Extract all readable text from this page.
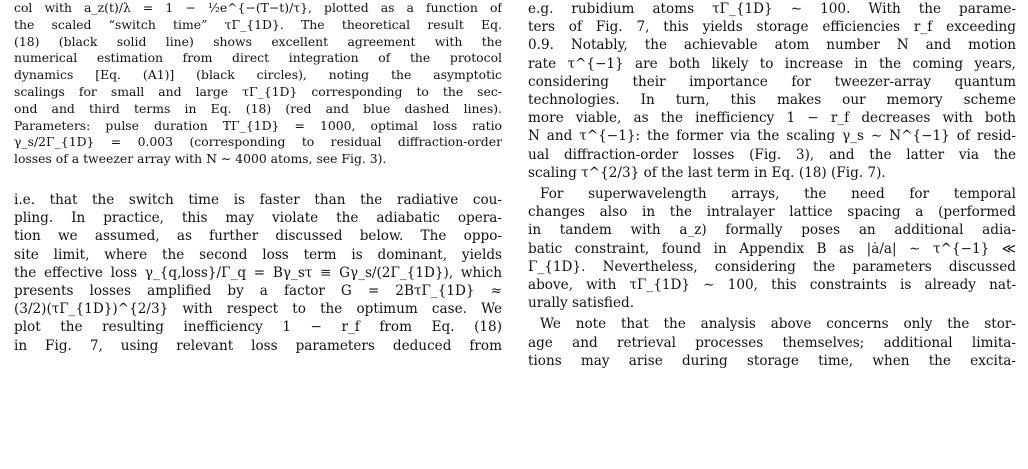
col with a_z(t)/λ = 1 − ½e^{−(T−t)/τ}, plotted as a function of
the scaled “switch time” τΓ_{1D}. The theoretical result Eq.
(18) (black solid line) shows excellent agreement with the
numerical estimation from direct integration of the protocol
dynamics [Eq. (A1)] (black circles), noting the asymptotic
scalings for small and large τΓ_{1D} corresponding to the sec-
ond and third terms in Eq. (18) (red and blue dashed lines).
Parameters: pulse duration TΓ_{1D} = 1000, optimal loss ratio
γ_s/2Γ_{1D} = 0.003 (corresponding to residual diffraction-order
losses of a tweezer array with N ∼ 4000 atoms, see Fig. 3).
i.e. that the switch time is faster than the radiative cou-
pling. In practice, this may violate the adiabatic opera-
tion we assumed, as further discussed below. The oppo-
site limit, where the second loss term is dominant, yields
the effective loss γ_{q,loss}/Γ_q = Bγ_sτ ≡ Gγ_s/(2Γ_{1D}), which
presents losses amplified by a factor G = 2BτΓ_{1D} ≈
(3/2)(τΓ_{1D})^{2/3} with respect to the optimum case. We
plot the resulting inefficiency 1 − r_f from Eq. (18)
in Fig. 7, using relevant loss parameters deduced from
e.g. rubidium atoms τΓ_{1D} ∼ 100. With the parame-
ters of Fig. 7, this yields storage efficiencies r_f exceeding
0.9. Notably, the achievable atom number N and motion
rate τ^{−1} are both likely to increase in the coming years,
considering their importance for tweezer-array quantum
technologies. In turn, this makes our memory scheme
more viable, as the inefficiency 1 − r_f decreases with both
N and τ^{−1}: the former via the scaling γ_s ∼ N^{−1} of resid-
ual diffraction-order losses (Fig. 3), and the latter via the
scaling τ^{2/3} of the last term in Eq. (18) (Fig. 7).
For superwavelength arrays, the need for temporal
changes also in the intralayer lattice spacing a (performed
in tandem with a_z) formally poses an additional adia-
batic constraint, found in Appendix B as |ȧ/a| ∼ τ^{−1} ≪
Γ_{1D}. Nevertheless, considering the parameters discussed
above, with τΓ_{1D} ∼ 100, this constraints is already nat-
urally satisfied.
We note that the analysis above concerns only the stor-
age and retrieval processes themselves; additional limita-
tions may arise during storage time, when the excita-
